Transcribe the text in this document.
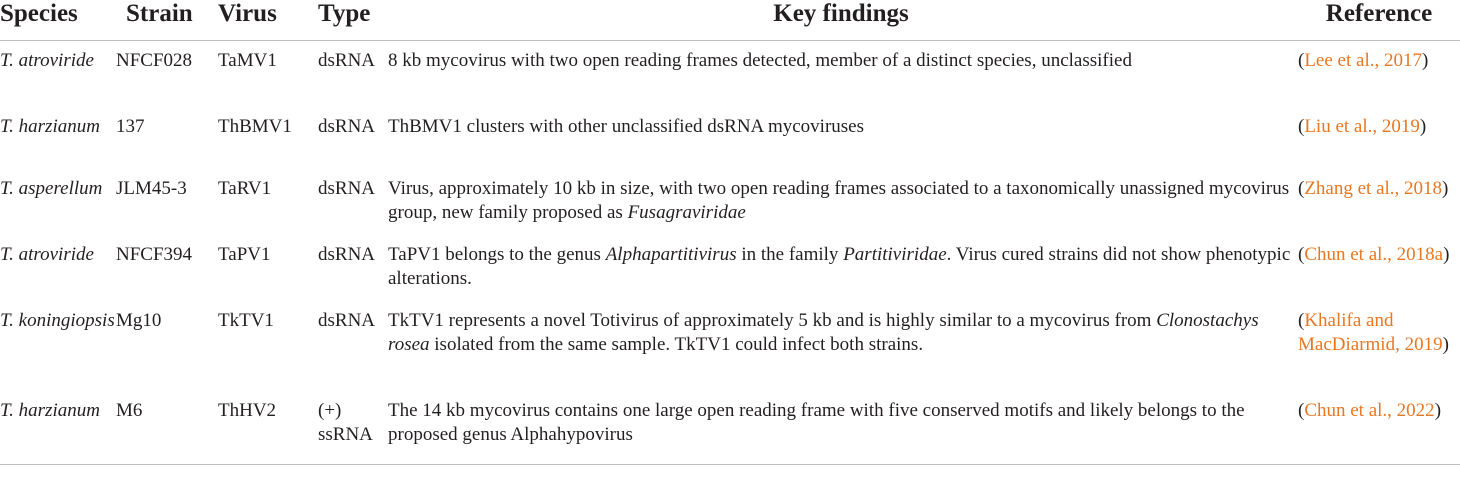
Species	Strain	Virus	Type	Key findings	Reference
T. atroviride	NFCF028	TaMV1	dsRNA	8 kb mycovirus with two open reading frames detected, member of a distinct species, unclassified	(Lee et al., 2017)
T. harzianum	137	ThBMV1	dsRNA	ThBMV1 clusters with other unclassified dsRNA mycoviruses	(Liu et al., 2019)
T. asperellum	JLM45-3	TaRV1	dsRNA	Virus, approximately 10 kb in size, with two open reading frames associated to a taxonomically unassigned mycovirus group, new family proposed as Fusagraviridae	(Zhang et al., 2018)
T. atroviride	NFCF394	TaPV1	dsRNA	TaPV1 belongs to the genus Alphapartitivirus in the family Partitiviridae. Virus cured strains did not show phenotypic alterations.	(Chun et al., 2018a)
T. koningiopsis	Mg10	TkTV1	dsRNA	TkTV1 represents a novel Totivirus of approximately 5 kb and is highly similar to a mycovirus from Clonostachys rosea isolated from the same sample. TkTV1 could infect both strains.	(Khalifa and MacDiarmid, 2019)
T. harzianum	M6	ThHV2	(+) ssRNA	The 14 kb mycovirus contains one large open reading frame with five conserved motifs and likely belongs to the proposed genus Alphahypovirus	(Chun et al., 2022)
